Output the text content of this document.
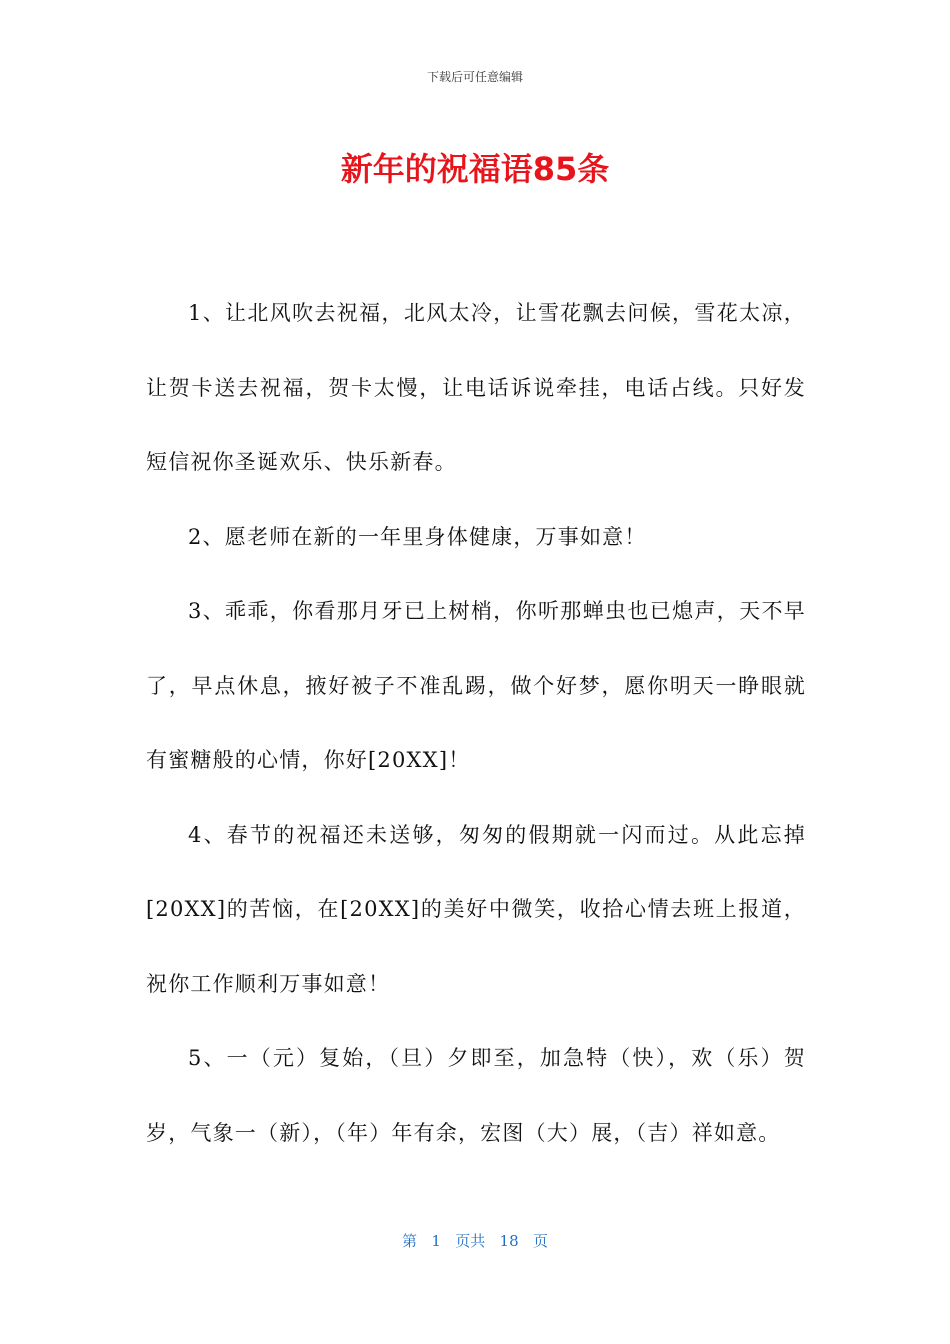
下载后可任意编辑
新年的祝福语85条

1、让北风吹去祝福，北风太冷，让雪花飘去问候，雪花太凉，让贺卡送去祝福，贺卡太慢，让电话诉说牵挂，电话占线。只好发短信祝你圣诞欢乐、快乐新春。

2、愿老师在新的一年里身体健康，万事如意！

3、乖乖，你看那月牙已上树梢，你听那蝉虫也已熄声，天不早了，早点休息，掖好被子不准乱踢，做个好梦，愿你明天一睁眼就有蜜糖般的心情，你好[20XX]！

4、春节的祝福还未送够，匆匆的假期就一闪而过。从此忘掉[20XX]的苦恼，在[20XX]的美好中微笑，收拾心情去班上报道，祝你工作顺利万事如意！

5、一（元）复始，（旦）夕即至，加急特（快），欢（乐）贺岁，气象一（新），（年）年有余，宏图（大）展，（吉）祥如意。

第 1 页共 18 页
